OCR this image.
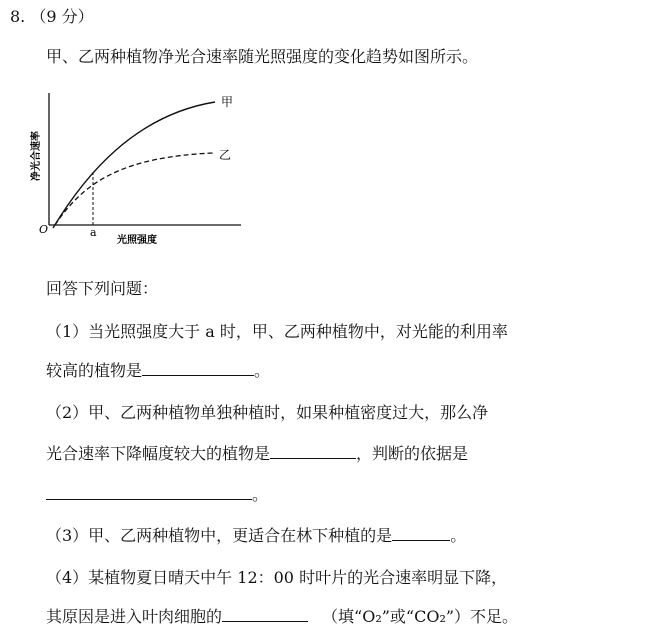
8. （9 分）
甲、乙两种植物净光合速率随光照强度的变化趋势如图所示。
甲
乙
O	a
光照强度
净光合速率
回答下列问题：
（1）当光照强度大于 a 时，甲、乙两种植物中，对光能的利用率
较高的植物是	。
（2）甲、乙两种植物单独种植时，如果种植密度过大，那么净
光合速率下降幅度较大的植物是	，判断的依据是
。
（3）甲、乙两种植物中，更适合在林下种植的是	。
（4）某植物夏日晴天中午 12：00 时叶片的光合速率明显下降，
其原因是进入叶肉细胞的	（填“O₂”或“CO₂”）不足。
